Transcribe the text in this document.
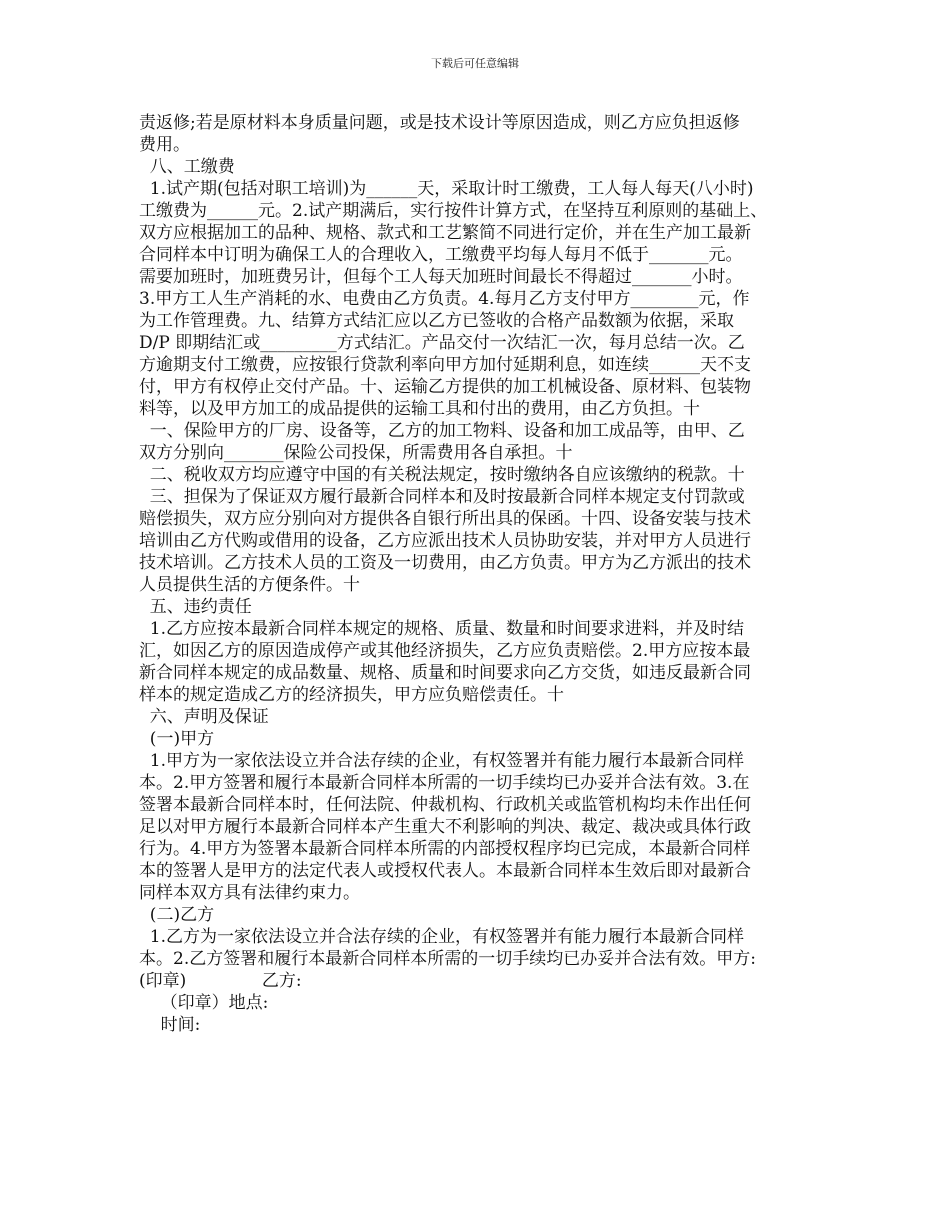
下载后可任意编辑
责返修;若是原材料本身质量问题，或是技术设计等原因造成，则乙方应负担返修
费用。
八、工缴费
1.试产期(包括对职工培训)为______天，采取计时工缴费，工人每人每天(八小时)
工缴费为______元。2.试产期满后，实行按件计算方式，在坚持互利原则的基础上、
双方应根据加工的品种、规格、款式和工艺繁简不同进行定价，并在生产加工最新
合同样本中订明为确保工人的合理收入，工缴费平均每人每月不低于_______元。
需要加班时，加班费另计，但每个工人每天加班时间最长不得超过_______小时。
3.甲方工人生产消耗的水、电费由乙方负责。4.每月乙方支付甲方________元，作
为工作管理费。九、结算方式结汇应以乙方已签收的合格产品数额为依据，采取
D/P 即期结汇或_________方式结汇。产品交付一次结汇一次，每月总结一次。乙
方逾期支付工缴费，应按银行贷款利率向甲方加付延期利息，如连续______天不支
付，甲方有权停止交付产品。十、运输乙方提供的加工机械设备、原材料、包装物
料等，以及甲方加工的成品提供的运输工具和付出的费用，由乙方负担。十
一、保险甲方的厂房、设备等，乙方的加工物料、设备和加工成品等，由甲、乙
双方分别向_______保险公司投保，所需费用各自承担。十
二、税收双方均应遵守中国的有关税法规定，按时缴纳各自应该缴纳的税款。十
三、担保为了保证双方履行最新合同样本和及时按最新合同样本规定支付罚款或
赔偿损失，双方应分别向对方提供各自银行所出具的保函。十四、设备安装与技术
培训由乙方代购或借用的设备，乙方应派出技术人员协助安装，并对甲方人员进行
技术培训。乙方技术人员的工资及一切费用，由乙方负责。甲方为乙方派出的技术
人员提供生活的方便条件。十
五、违约责任
1.乙方应按本最新合同样本规定的规格、质量、数量和时间要求进料，并及时结
汇，如因乙方的原因造成停产或其他经济损失，乙方应负责赔偿。2.甲方应按本最
新合同样本规定的成品数量、规格、质量和时间要求向乙方交货，如违反最新合同
样本的规定造成乙方的经济损失，甲方应负赔偿责任。十
六、声明及保证
(一)甲方
1.甲方为一家依法设立并合法存续的企业，有权签署并有能力履行本最新合同样
本。2.甲方签署和履行本最新合同样本所需的一切手续均已办妥并合法有效。3.在
签署本最新合同样本时，任何法院、仲裁机构、行政机关或监管机构均未作出任何
足以对甲方履行本最新合同样本产生重大不利影响的判决、裁定、裁决或具体行政
行为。4.甲方为签署本最新合同样本所需的内部授权程序均已完成，本最新合同样
本的签署人是甲方的法定代表人或授权代表人。本最新合同样本生效后即对最新合
同样本双方具有法律约束力。
(二)乙方
1.乙方为一家依法设立并合法存续的企业，有权签署并有能力履行本最新合同样
本。2.乙方签署和履行本最新合同样本所需的一切手续均已办妥并合法有效。甲方:
(印章)              乙方:
（印章）地点:
时间:
